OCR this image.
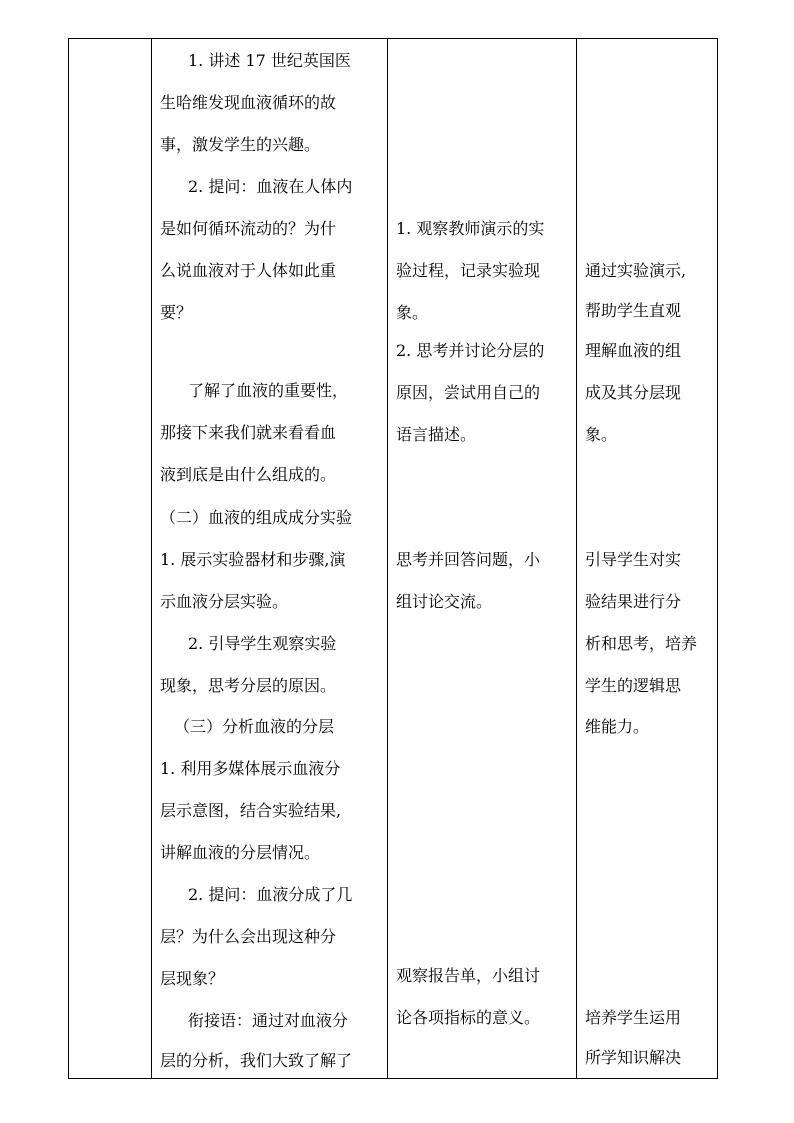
1. 讲述 17 世纪英国医
生哈维发现血液循环的故
事，激发学生的兴趣。
2. 提问：血液在人体内
是如何循环流动的？为什
么说血液对于人体如此重
要？
了解了血液的重要性，
那接下来我们就来看看血
液到底是由什么组成的。
（二）血液的组成成分实验
1. 展示实验器材和步骤,演
示血液分层实验。
2. 引导学生观察实验
现象，思考分层的原因。
（三）分析血液的分层
1. 利用多媒体展示血液分
层示意图，结合实验结果,
讲解血液的分层情况。
2. 提问：血液分成了几
层？为什么会出现这种分
层现象？
衔接语：通过对血液分
层的分析，我们大致了解了
1. 观察教师演示的实
验过程，记录实验现
象。
2. 思考并讨论分层的
原因，尝试用自己的
语言描述。
思考并回答问题，小
组讨论交流。
观察报告单，小组讨
论各项指标的意义。
通过实验演示,
帮助学生直观
理解血液的组
成及其分层现
象。
引导学生对实
验结果进行分
析和思考，培养
学生的逻辑思
维能力。
培养学生运用
所学知识解决
